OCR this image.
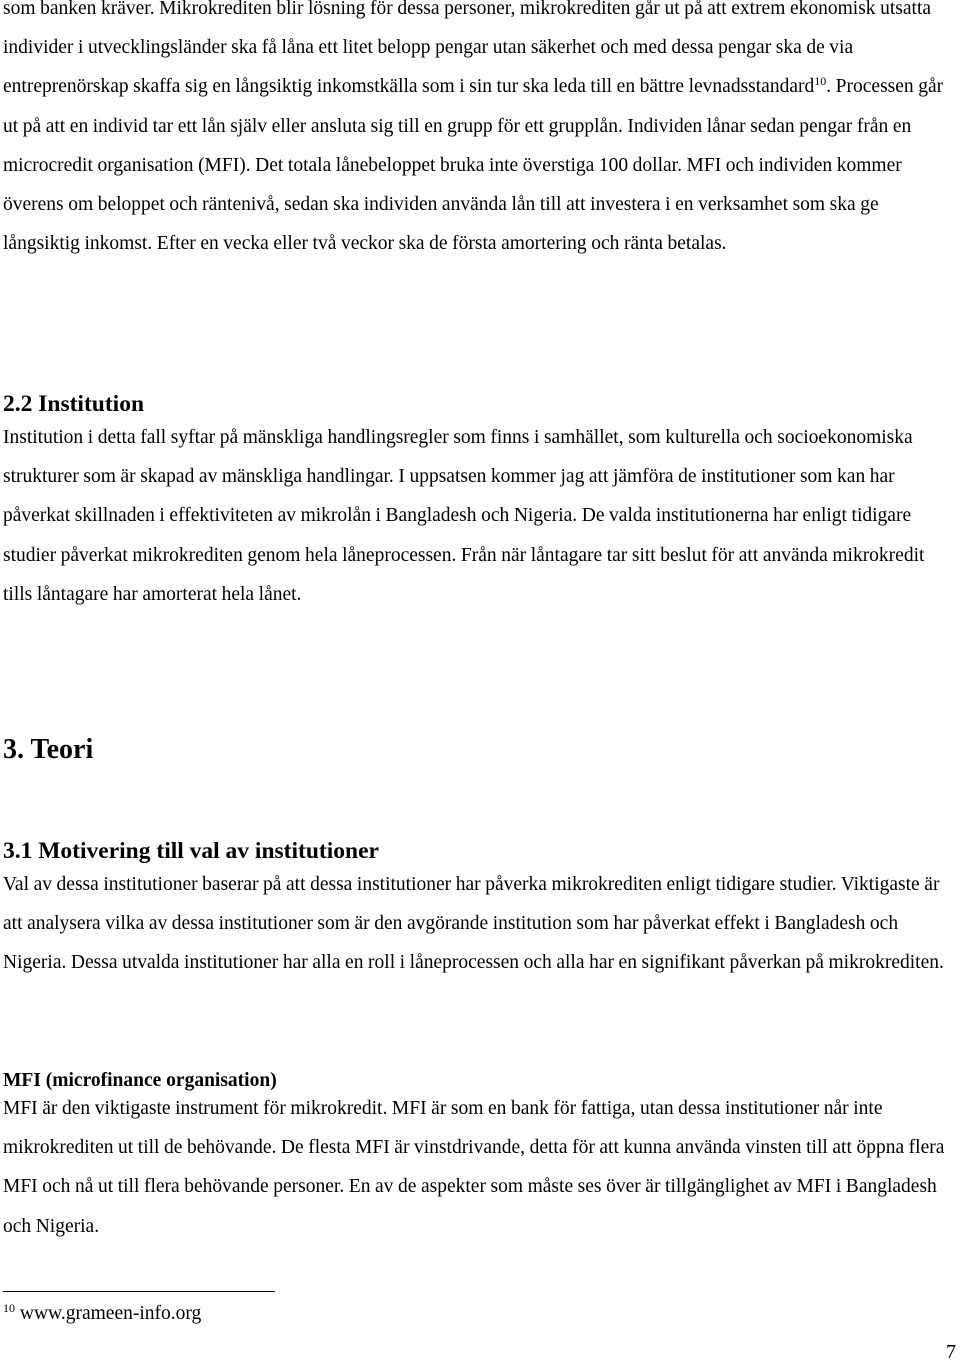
som banken kräver. Mikrokrediten blir lösning för dessa personer, mikrokrediten går ut på att extrem ekonomisk utsatta individer i utvecklingsländer ska få låna ett litet belopp pengar utan säkerhet och med dessa pengar ska de via entreprenörskap skaffa sig en långsiktig inkomstkälla som i sin tur ska leda till en bättre levnadsstandard$^{10}$. Processen går ut på att en individ tar ett lån själv eller ansluta sig till en grupp för ett grupplån. Individen lånar sedan pengar från en microcredit organisation (MFI). Det totala lånebeloppet bruka inte överstiga 100 dollar. MFI och individen kommer överens om beloppet och räntenivå, sedan ska individen använda lån till att investera i en verksamhet som ska ge långsiktig inkomst. Efter en vecka eller två veckor ska de första amortering och ränta betalas.

2.2 Institution

Institution i detta fall syftar på mänskliga handlingsregler som finns i samhället, som kulturella och socioekonomiska strukturer som är skapad av mänskliga handlingar. I uppsatsen kommer jag att jämföra de institutioner som kan har påverkat skillnaden i effektiviteten av mikrolån i Bangladesh och Nigeria. De valda institutionerna har enligt tidigare studier påverkat mikrokrediten genom hela låneprocessen. Från när låntagare tar sitt beslut för att använda mikrokredit tills låntagare har amorterat hela lånet.

3. Teori
3.1 Motivering till val av institutioner

Val av dessa institutioner baserar på att dessa institutioner har påverka mikrokrediten enligt tidigare studier. Viktigaste är att analysera vilka av dessa institutioner som är den avgörande institution som har påverkat effekt i Bangladesh och Nigeria. Dessa utvalda institutioner har alla en roll i låneprocessen och alla har en signifikant påverkan på mikrokrediten.

MFI (microfinance organisation)

MFI är den viktigaste instrument för mikrokredit. MFI är som en bank för fattiga, utan dessa institutioner når inte mikrokrediten ut till de behövande. De flesta MFI är vinstdrivande, detta för att kunna använda vinsten till att öppna flera MFI och nå ut till flera behövande personer. En av de aspekter som måste ses över är tillgänglighet av MFI i Bangladesh och Nigeria.

$^{10}$ www.grameen-info.org

7
